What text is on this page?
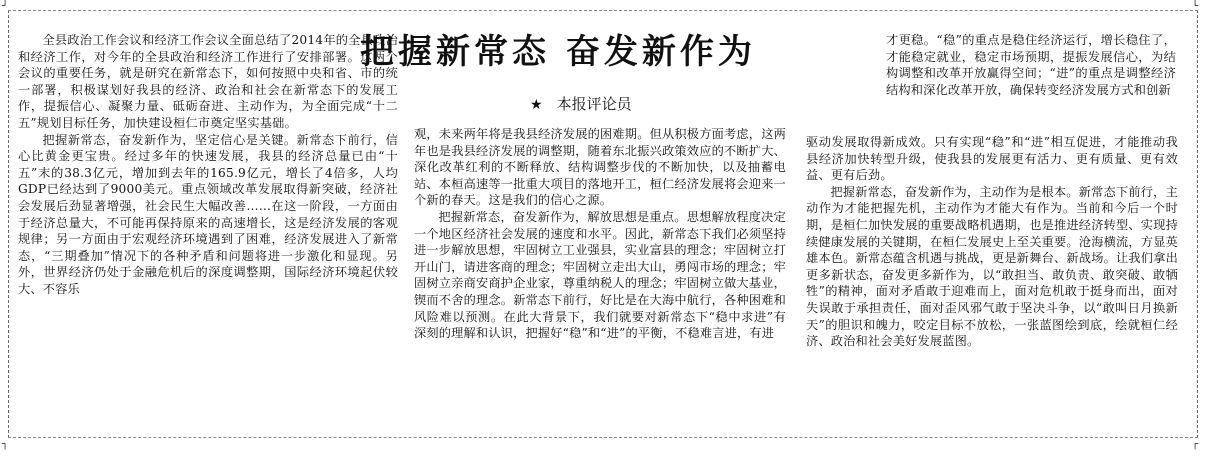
┘	└
┐	┌

全县政治工作会议和经济工作会议全面总结了2014年的全县政治和经济工作，对今年的全县政治和经济工作进行了安排部署。这两个会议的重要任务，就是研究在新常态下，如何按照中央和省、市的统一部署，积极谋划好我县的经济、政治和社会在新常态下的发展工作，提振信心、凝聚力量、砥砺奋进、主动作为，为全面完成“十二五”规划目标任务，加快建设桓仁市奠定坚实基础。

把握新常态，奋发新作为，坚定信心是关键。新常态下前行，信心比黄金更宝贵。经过多年的快速发展，我县的经济总量已由“十五”末的38.3亿元，增加到去年的165.9亿元，增长了4倍多，人均GDP已经达到了9000美元。重点领域改革发展取得新突破，经济社会发展后劲显著增强，社会民生大幅改善……在这一阶段，一方面由于经济总量大，不可能再保持原来的高速增长，这是经济发展的客观规律；另一方面由于宏观经济环境遇到了困难，经济发展进入了新常态，“三期叠加”情况下的各种矛盾和问题将进一步激化和显现。另外，世界经济仍处于金融危机后的深度调整期，国际经济环境起伏较大、不容乐

把握新常态 奋发新作为
★ 本报评论员

观，未来两年将是我县经济发展的困难期。但从积极方面考虑，这两年也是我县经济发展的调整期，随着东北振兴政策效应的不断扩大、深化改革红利的不断释放、结构调整步伐的不断加快，以及抽蓄电站、本桓高速等一批重大项目的落地开工，桓仁经济发展将会迎来一个新的春天。这是我们的信心之源。

把握新常态，奋发新作为，解放思想是重点。思想解放程度决定一个地区经济社会发展的速度和水平。因此，新常态下我们必须坚持进一步解放思想，牢固树立工业强县，实业富县的理念；牢固树立打开山门，请进客商的理念；牢固树立走出大山，勇闯市场的理念；牢固树立亲商安商护企业家，尊重纳税人的理念；牢固树立做大基业，锲而不舍的理念。新常态下前行，好比是在大海中航行，各种困难和风险难以预测。在此大背景下，我们就要对新常态下“稳中求进”有深刻的理解和认识，把握好“稳”和“进”的平衡，不稳难言进，有进

才更稳。“稳”的重点是稳住经济运行，增长稳住了，才能稳定就业，稳定市场预期，提振发展信心，为结构调整和改革开放赢得空间；“进”的重点是调整经济结构和深化改革开放，确保转变经济发展方式和创新

驱动发展取得新成效。只有实现“稳”和“进”相互促进，才能推动我县经济加快转型升级，使我县的发展更有活力、更有质量、更有效益、更有后劲。

把握新常态，奋发新作为，主动作为是根本。新常态下前行，主动作为才能把握先机，主动作为才能大有作为。当前和今后一个时期，是桓仁加快发展的重要战略机遇期，也是推进经济转型、实现持续健康发展的关键期，在桓仁发展史上至关重要。沧海横流，方显英雄本色。新常态蕴含机遇与挑战，更是新舞台、新战场。让我们拿出更多新状态，奋发更多新作为，以“敢担当、敢负责、敢突破、敢牺牲”的精神，面对矛盾敢于迎难而上，面对危机敢于挺身而出，面对失误敢于承担责任，面对歪风邪气敢于坚决斗争，以“敢叫日月换新天”的胆识和魄力，咬定目标不放松，一张蓝图绘到底，绘就桓仁经济、政治和社会美好发展蓝图。
